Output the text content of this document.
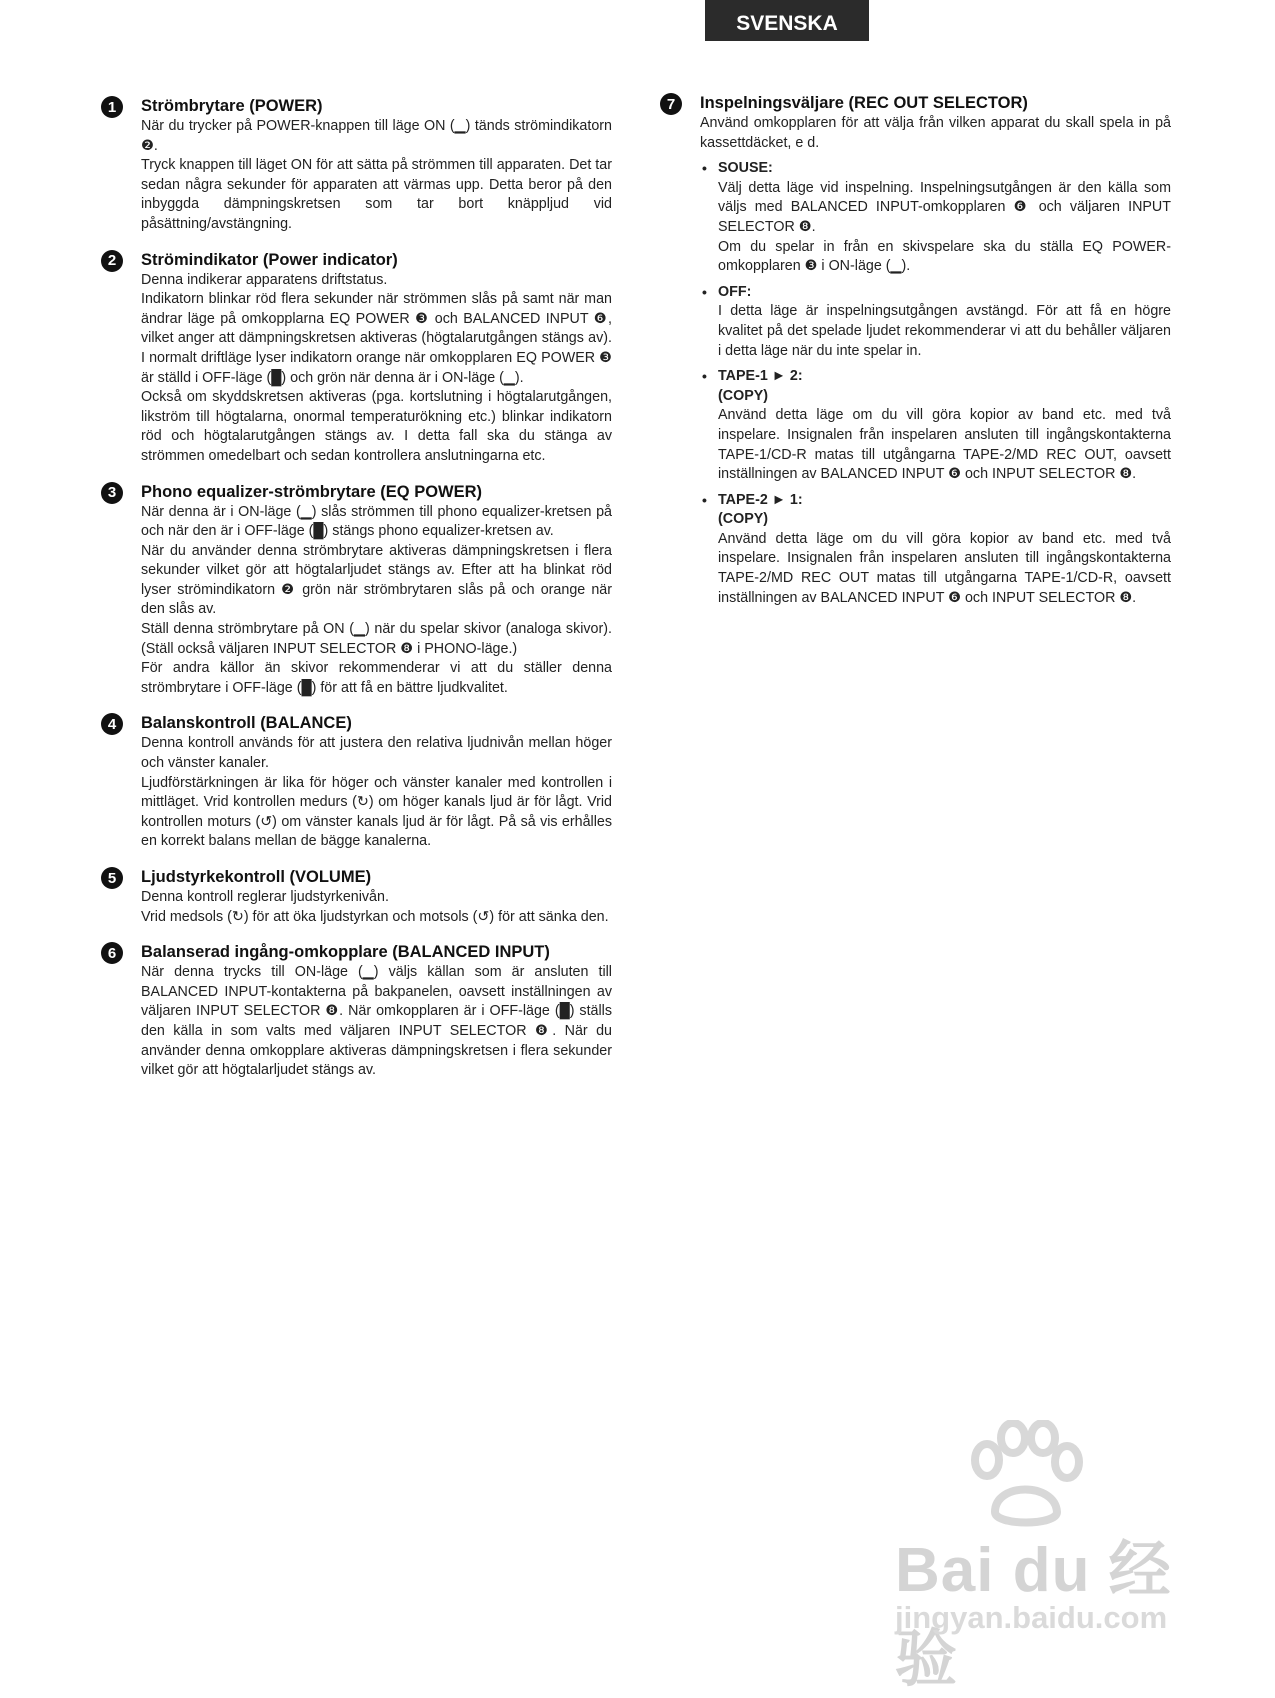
SVENSKA
1	Strömbrytare (POWER)

När du trycker på POWER-knappen till läge ON (▁) tänds strömindikatorn ❷.

Tryck knappen till läget ON för att sätta på strömmen till apparaten. Det tar sedan några sekunder för apparaten att värmas upp. Detta beror på den inbyggda dämpningskretsen som tar bort knäppljud vid påsättning/avstängning.

2	Strömindikator (Power indicator)

Denna indikerar apparatens driftstatus.

Indikatorn blinkar röd flera sekunder när strömmen slås på samt när man ändrar läge på omkopplarna EQ POWER ❸ och BALANCED INPUT ❻, vilket anger att dämpningskretsen aktiveras (högtalarutgången stängs av). I normalt driftläge lyser indikatorn orange när omkopplaren EQ POWER ❸ är ställd i OFF-läge (█) och grön när denna är i ON-läge (▁).

Också om skyddskretsen aktiveras (pga. kortslutning i högtalarutgången, likström till högtalarna, onormal temperaturökning etc.) blinkar indikatorn röd och högtalarutgången stängs av. I detta fall ska du stänga av strömmen omedelbart och sedan kontrollera anslutningarna etc.

3	Phono equalizer-strömbrytare (EQ POWER)

När denna är i ON-läge (▁) slås strömmen till phono equalizer-kretsen på och när den är i OFF-läge (█) stängs phono equalizer-kretsen av.

När du använder denna strömbrytare aktiveras dämpningskretsen i flera sekunder vilket gör att högtalarljudet stängs av. Efter att ha blinkat röd lyser strömindikatorn ❷ grön när strömbrytaren slås på och orange när den slås av.

Ställ denna strömbrytare på ON (▁) när du spelar skivor (analoga skivor). (Ställ också väljaren INPUT SELECTOR ❽ i PHONO-läge.)

För andra källor än skivor rekommenderar vi att du ställer denna strömbrytare i OFF-läge (█) för att få en bättre ljudkvalitet.

4	Balanskontroll (BALANCE)

Denna kontroll används för att justera den relativa ljudnivån mellan höger och vänster kanaler.

Ljudförstärkningen är lika för höger och vänster kanaler med kontrollen i mittläget. Vrid kontrollen medurs (↻) om höger kanals ljud är för lågt. Vrid kontrollen moturs (↺) om vänster kanals ljud är för lågt. På så vis erhålles en korrekt balans mellan de bägge kanalerna.

5	Ljudstyrkekontroll (VOLUME)

Denna kontroll reglerar ljudstyrkenivån.

Vrid medsols (↻) för att öka ljudstyrkan och motsols (↺) för att sänka den.

6	Balanserad ingång-omkopplare (BALANCED INPUT)

När denna trycks till ON-läge (▁) väljs källan som är ansluten till BALANCED INPUT-kontakterna på bakpanelen, oavsett inställningen av väljaren INPUT SELECTOR ❽. När omkopplaren är i OFF-läge (█) ställs den källa in som valts med väljaren INPUT SELECTOR ❽. När du använder denna omkopplare aktiveras dämpningskretsen i flera sekunder vilket gör att högtalarljudet stängs av.

7	Inspelningsväljare (REC OUT SELECTOR)

Använd omkopplaren för att välja från vilken apparat du skall spela in på kassettdäcket, e d.

• SOUSE:

Välj detta läge vid inspelning. Inspelningsutgången är den källa som väljs med BALANCED INPUT-omkopplaren ❻ och väljaren INPUT SELECTOR ❽.

Om du spelar in från en skivspelare ska du ställa EQ POWER-omkopplaren ❸ i ON-läge (▁).

• OFF:

I detta läge är inspelningsutgången avstängd. För att få en högre kvalitet på det spelade ljudet rekommenderar vi att du behåller väljaren i detta läge när du inte spelar in.

• TAPE-1 ► 2:
(COPY)

Använd detta läge om du vill göra kopior av band etc. med två inspelare. Insignalen från inspelaren ansluten till ingångskontakterna TAPE-1/CD-R matas till utgångarna TAPE-2/MD REC OUT, oavsett inställningen av BALANCED INPUT ❻ och INPUT SELECTOR ❽.

• TAPE-2 ► 1:
(COPY)

Använd detta läge om du vill göra kopior av band etc. med två inspelare. Insignalen från inspelaren ansluten till ingångskontakterna TAPE-2/MD REC OUT matas till utgångarna TAPE-1/CD-R, oavsett inställningen av BALANCED INPUT ❻ och INPUT SELECTOR ❽.

Bai du 经验
jingyan.baidu.com
